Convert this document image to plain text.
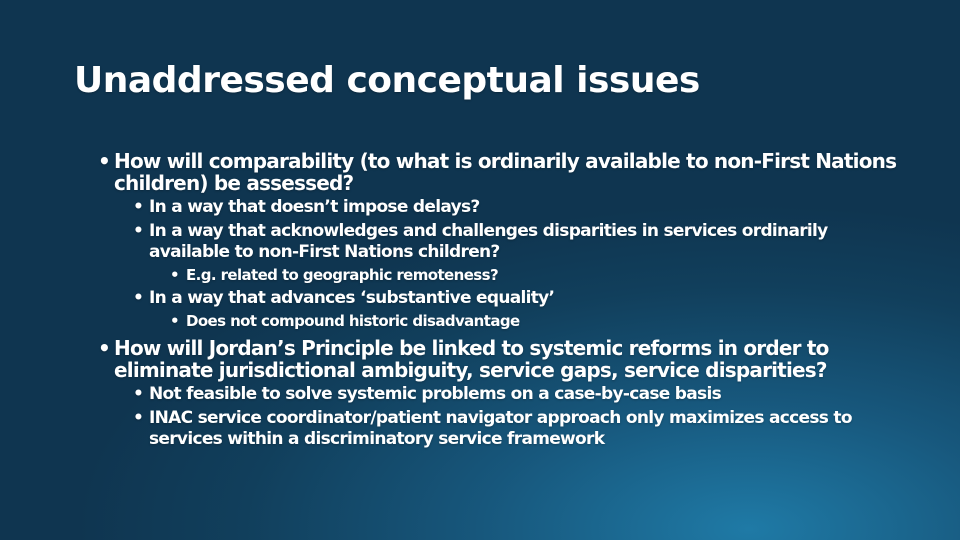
Unaddressed conceptual issues
• How will comparability (to what is ordinarily available to non-First Nations children) be assessed?
• In a way that doesn’t impose delays?
• In a way that acknowledges and challenges disparities in services ordinarily available to non-First Nations children?
• E.g. related to geographic remoteness?
• In a way that advances ‘substantive equality’
• Does not compound historic disadvantage
• How will Jordan’s Principle be linked to systemic reforms in order to eliminate jurisdictional ambiguity, service gaps, service disparities?
• Not feasible to solve systemic problems on a case-by-case basis
• INAC service coordinator/patient navigator approach only maximizes access to services within a discriminatory service framework
